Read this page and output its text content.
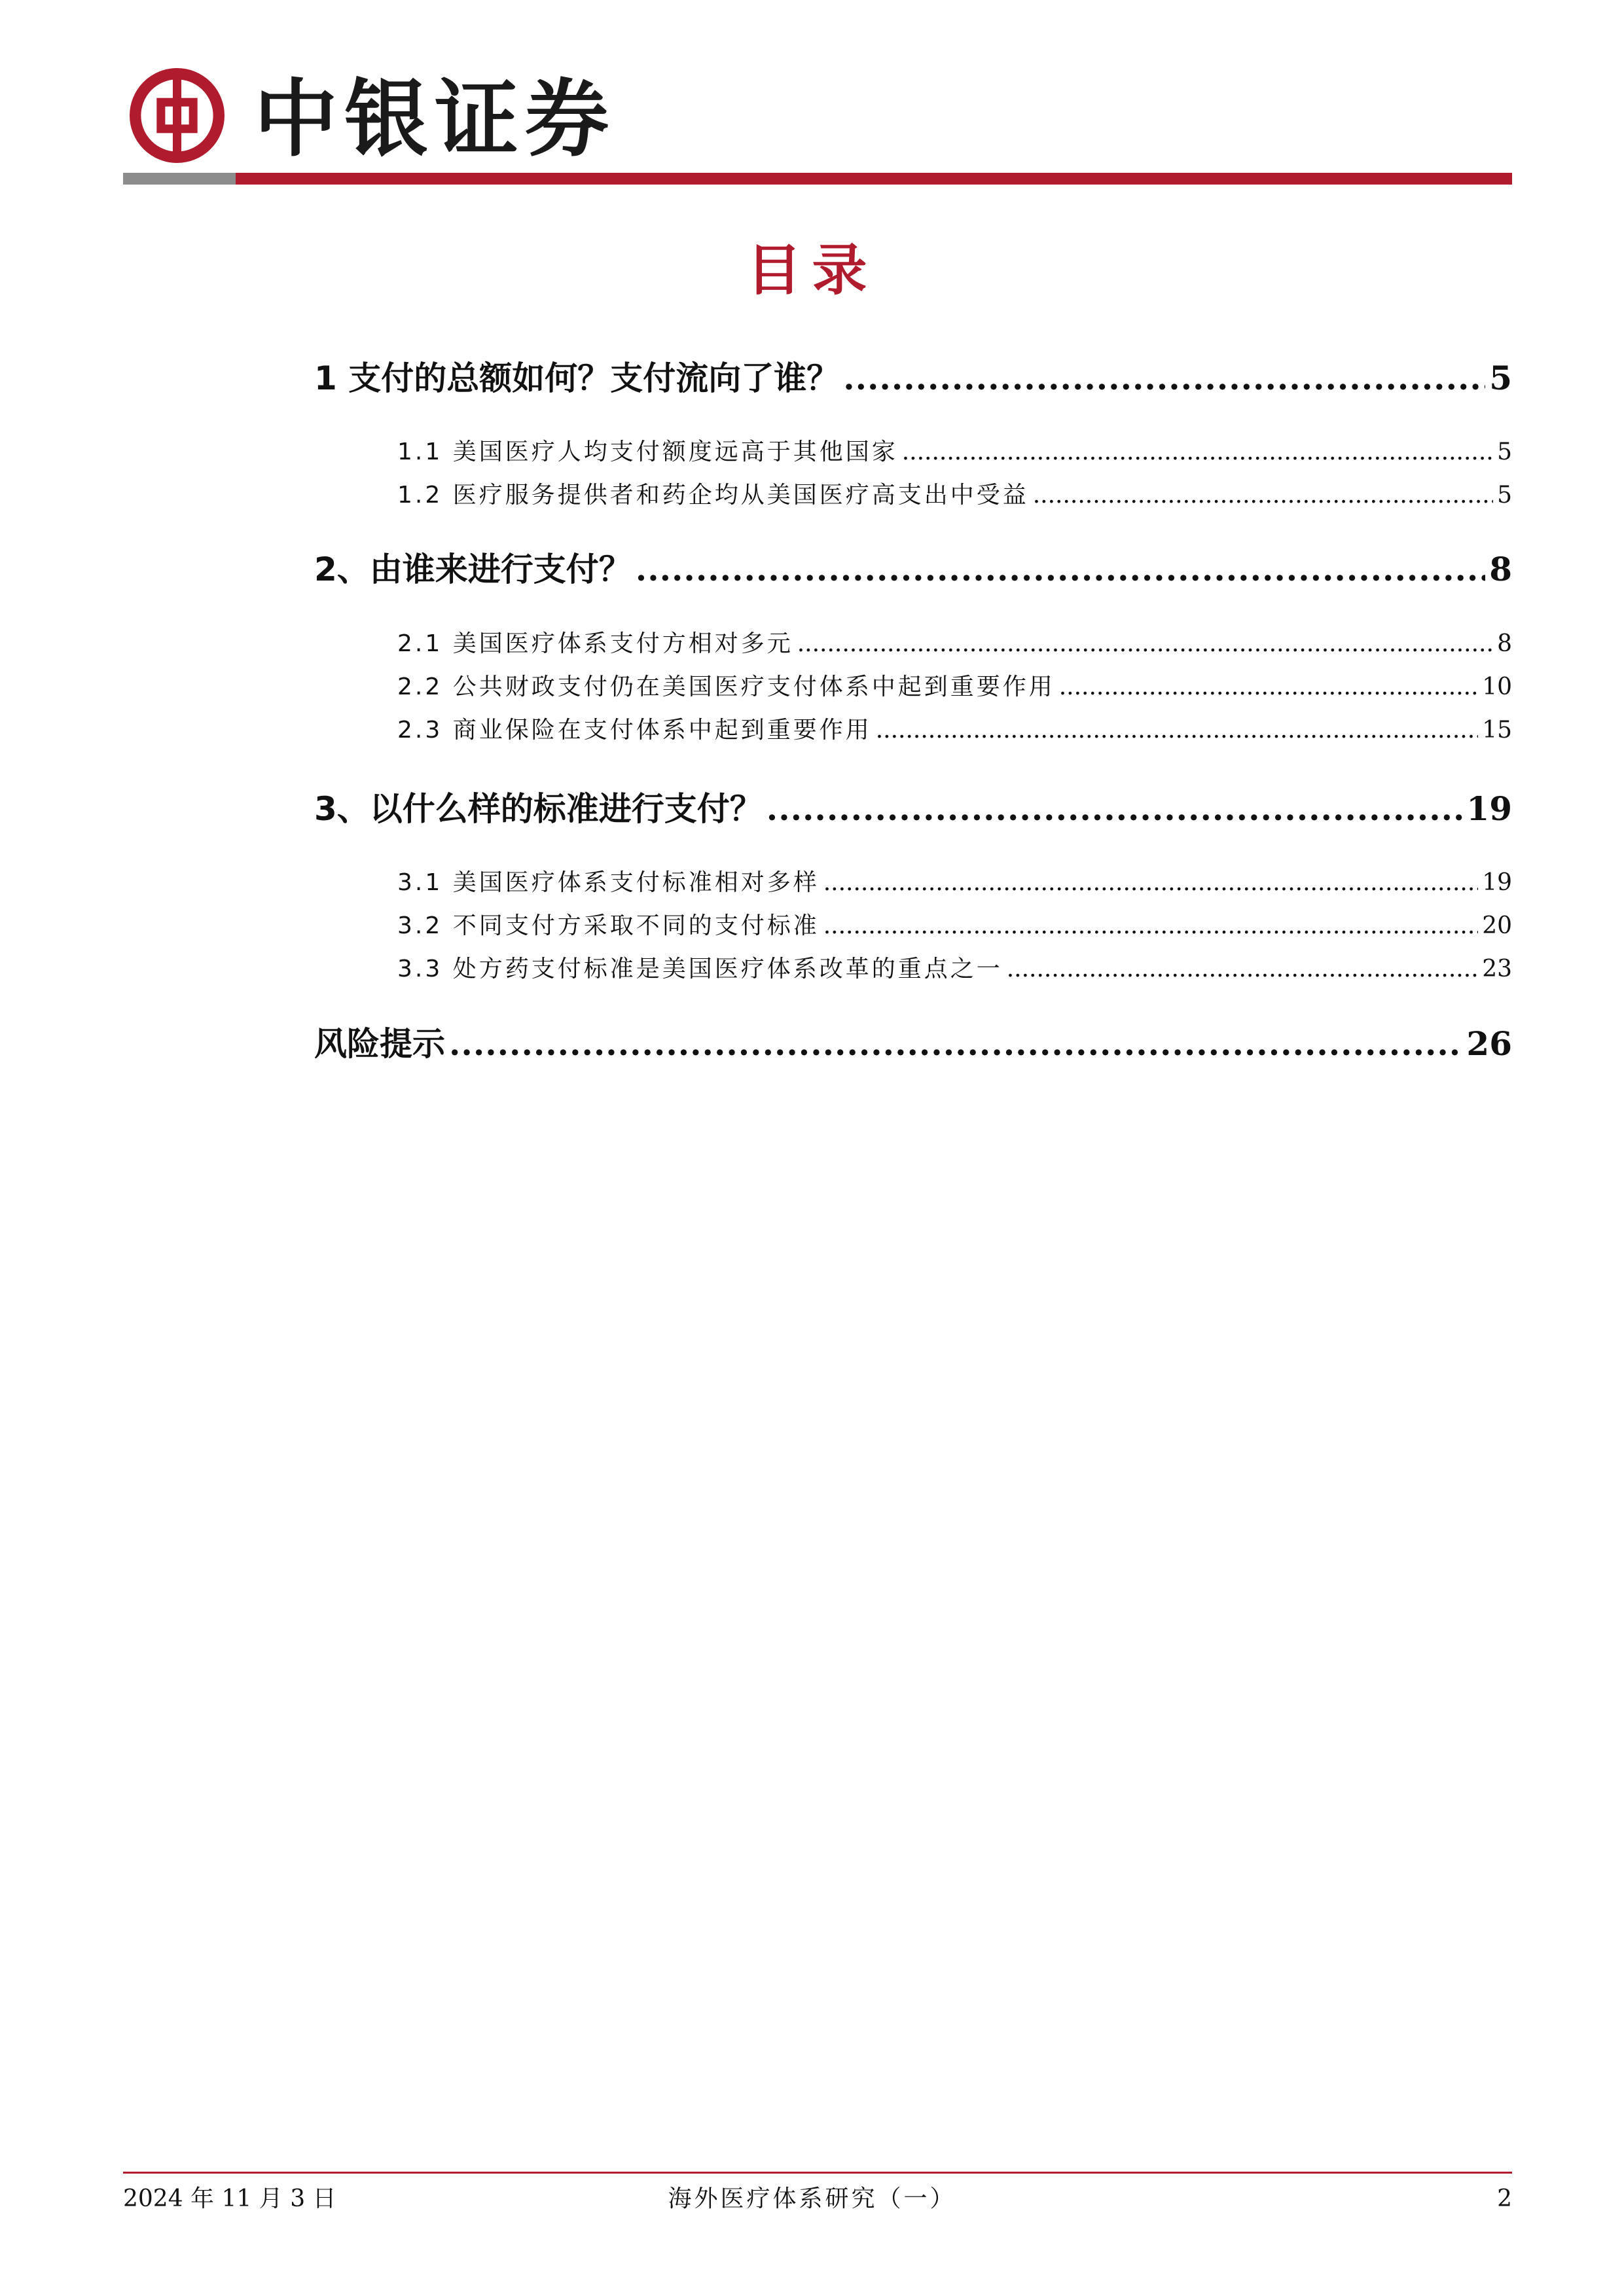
中银证券
目录
1 支付的总额如何？支付流向了谁？ .....	5
1.1 美国医疗人均支付额度远高于其他国家 .....	5
1.2 医疗服务提供者和药企均从美国医疗高支出中受益 .....	5
2、由谁来进行支付？ .....	8
2.1 美国医疗体系支付方相对多元 .....	8
2.2 公共财政支付仍在美国医疗支付体系中起到重要作用 .....	10
2.3 商业保险在支付体系中起到重要作用 .....	15
3、以什么样的标准进行支付？ .....	19
3.1 美国医疗体系支付标准相对多样 .....	19
3.2 不同支付方采取不同的支付标准 .....	20
3.3 处方药支付标准是美国医疗体系改革的重点之一 .....	23
风险提示 .....	26
2024 年 11 月 3 日	海外医疗体系研究（一）	2
